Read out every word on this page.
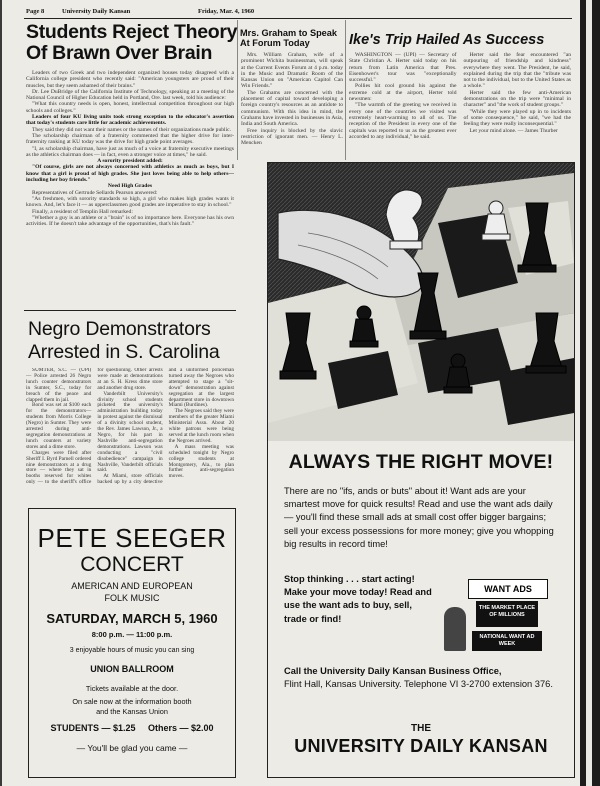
Page 8	University Daily Kansan	Friday, Mar. 4, 1960
Students Reject Theory
Of Brawn Over Brain

Leaders of two Greek and two independent organized houses today disagreed with a California college president who recently said: "American youngsters are proud of their muscles, but they seem ashamed of their brains."

Dr. Lee DuBridge of the California Institute of Technology, speaking at a meeting of the National Council of Higher Education held in Portland, Ore. last week, told his audience:

"What this country needs is open, honest, intellectual competition throughout our high schools and colleges."

Leaders of four KU living units took strong exception to the educator's assertion that today's students care little for academic achievements.

They said they did not want their names or the names of their organizations made public.

The scholarship chairman of a fraternity commented that the higher drive for inter-fraternity ranking at KU today was the drive for high grade point averages.

"I, as scholarship chairman, have just as much of a voice at fraternity executive meetings as the athletics chairman does — in fact, even a stronger voice at times," he said.

A sorority president added:

"Of course, girls are not always concerned with athletics as much as boys, but I know that a girl is proud of high grades. She just loves being able to help others—including her boy friends."

Need High Grades

Representatives of Gertrude Sellards Pearson answered:

"As freshmen, with sorority standards so high, a girl who makes high grades wants it known. And, let's face it — as upperclassmen good grades are imperative to stay in school."

Finally, a resident of Templin Hall remarked:

"Whether a guy is an athlete or a "brain" is of no importance here. Everyone has his own activities. If he doesn't take advantage of the opportunities, that's his fault."

Mrs. Graham to Speak
At Forum Today

Mrs. William Graham, wife of a prominent Wichita businessman, will speak at the Current Events Forum at 4 p.m. today in the Music and Dramatic Room of the Kansas Union on "American Capitol Can Win Friends."

The Grahams are concerned with the placement of capital toward developing a foreign country's resources as an antidote to communism. With this idea in mind, the Grahams have invested in businesses in Asia, India and South America.

Free inquiry is blocked by the slavic restriction of ignorant men. — Henry L. Mencken

Ike's Trip Hailed As Success

WASHINGTON — (UPI) — Secretary of State Christian A. Herter said today on his return from Latin America that Pres. Eisenhower's tour was "exceptionally successful."

Pollies hit cool ground his against the extreme cold at the airport, Herter told newsmen:

"The warmth of the greeting we received in every one of the countries we visited was extremely heart-warming to all of us. The reception of the President in every one of the capitals was reported to us as the greatest ever accorded to any individual," he said.

Herter said the fear encountered "an outpouring of friendship and kindness" everywhere they went. The President, he said, explained during the trip that the "tribute was not to the individual, but to the United States as a whole."

Herter said the few anti-American demonstrations on the trip were "minimal in character" and "the work of student groups."

"While they were played up in to incidents of some consequence," he said, "we had the feeling they were really inconsequential."

Let your mind alone. — James Thurber

Negro Demonstrators
Arrested in S. Carolina

SUMTER, S.C. — (UPI) — Police arrested 26 Negro lunch counter demonstrators in Sumter, S.C., today for breach of the peace and clapped them in jail.

Bond was set at $100 each for the demonstrators—students from Morris College (Negro) in Sumter. They were arrested during anti-segregation demonstrations at lunch counters at variety stores and a dime store.

Charges were filed after Sheriff I. Byrd Parnell ordered nine demonstrators at a drug store — where they sat in booths reserved for whites only — to the sheriff's office for questioning. Other arrests were made at demonstrations at an S. H. Kress dime store and another drug store.

Vanderbilt University's divinity school students picketed the university's administration building today in protest against the dismissal of a divinity school student, the Rev. James Lawson, Jr., a Negro, for his part in Nashville anti-segregation demonstrations. Lawson was conducting a "civil disobedience" campaign in Nashville, Vanderbilt officials said.

At Miami, store officials backed up by a city detective and a uniformed policeman turned away the Negroes who attempted to stage a "sit-down" demonstration against segregation at the largest department store in downtown Miami (Burdines).

The Negroes said they were members of the greater Miami Ministerial Assn. About 20 white patrons were being served at the lunch room when the Negroes arrived.

A mass meeting was scheduled tonight by Negro college students at Montgomery, Ala., to plan further anti-segregation moves.

PETE SEEGER
CONCERT
AMERICAN AND EUROPEAN
FOLK MUSIC
SATURDAY, MARCH 5, 1960
8:00 p.m. — 11:00 p.m.
3 enjoyable hours of music you can sing
UNION BALLROOM
Tickets available at the door.
On sale now at the information booth
and the Kansas Union
STUDENTS — $1.25     Others — $2.00
— You'll be glad you came —
ALWAYS THE RIGHT MOVE!
There are no "ifs, ands or buts" about it! Want ads are your smartest move for quick results! Read and use the want ads daily — you'll find these small ads at small cost offer bigger bargains; sell your excess possessions for more money; give you whopping big results in record time!
Stop thinking . . . start acting! Make your move today! Read and use the want ads to buy, sell, trade or find!
WANT ADS
THE MARKET PLACE OF MILLIONS
NATIONAL WANT AD WEEK
Call the University Daily Kansan Business Office,
Flint Hall, Kansas University. Telephone VI 3-2700 extension 376.
THE
UNIVERSITY DAILY KANSAN
